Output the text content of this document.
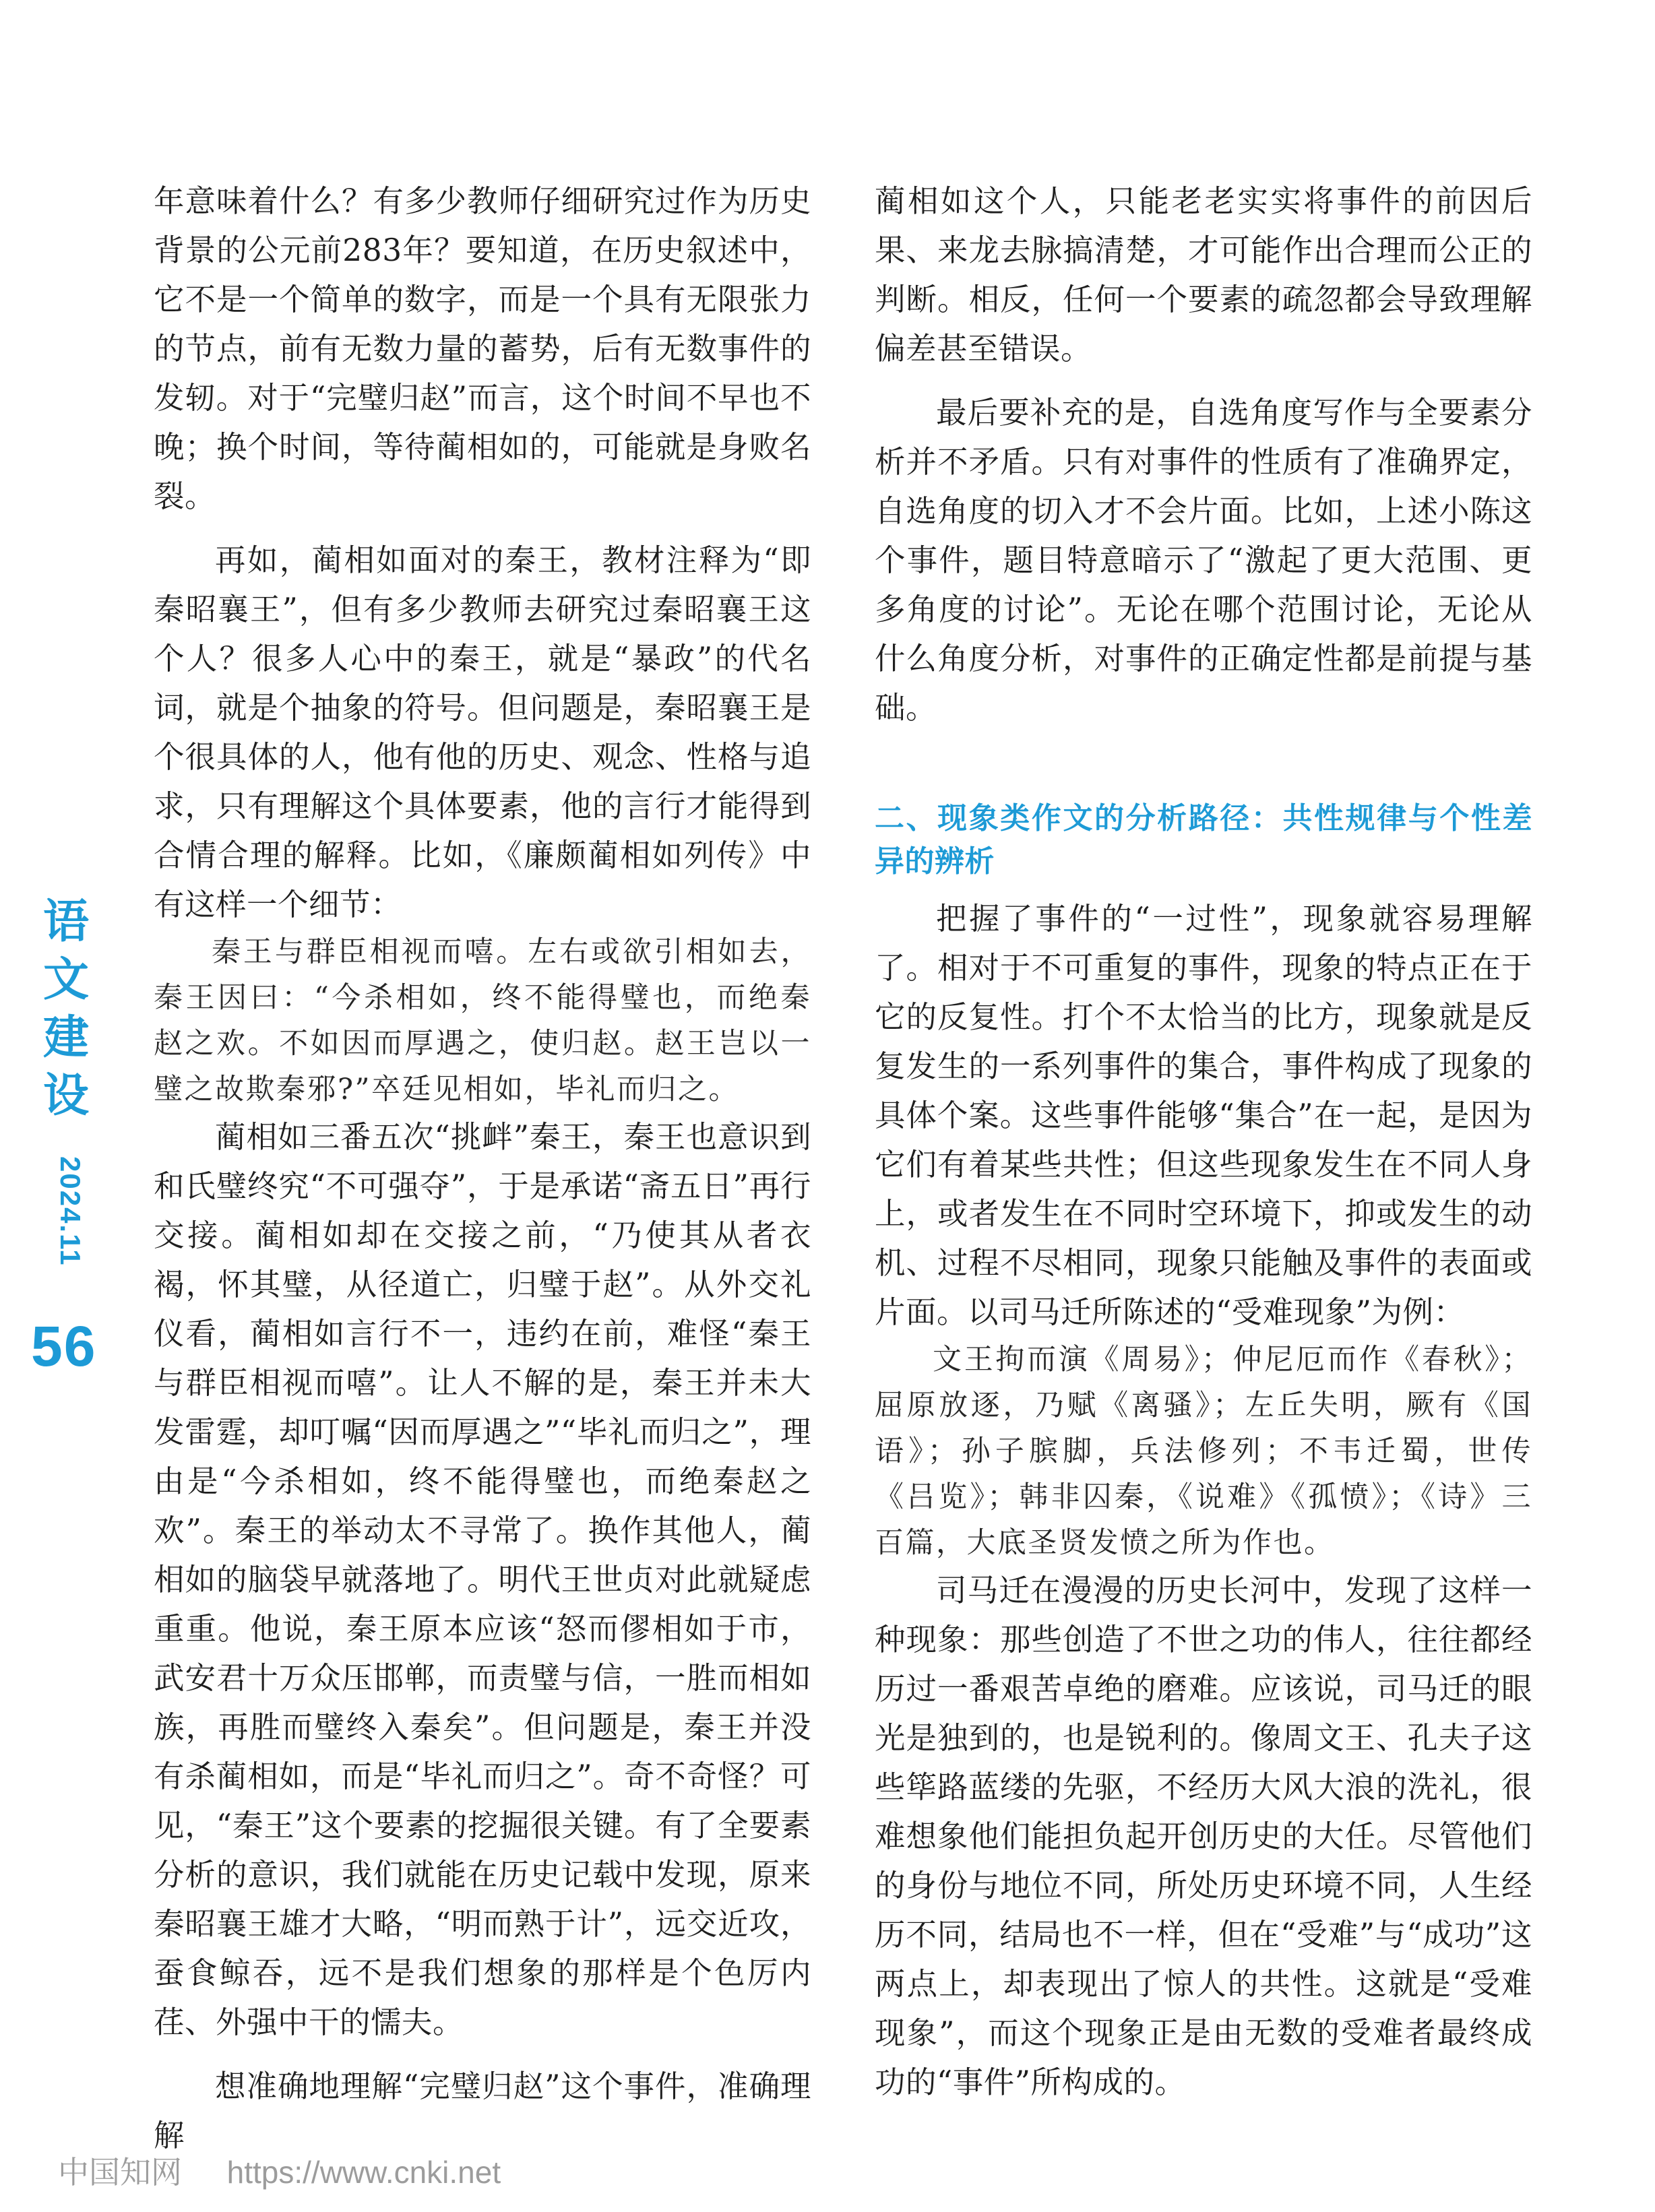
语
文
建
设
2024.11
56

年意味着什么？有多少教师仔细研究过作为历史背景的公元前283年？要知道，在历史叙述中，它不是一个简单的数字，而是一个具有无限张力的节点，前有无数力量的蓄势，后有无数事件的发轫。对于“完璧归赵”而言，这个时间不早也不晚；换个时间，等待蔺相如的，可能就是身败名裂。

再如，蔺相如面对的秦王，教材注释为“即秦昭襄王”，但有多少教师去研究过秦昭襄王这个人？很多人心中的秦王，就是“暴政”的代名词，就是个抽象的符号。但问题是，秦昭襄王是个很具体的人，他有他的历史、观念、性格与追求，只有理解这个具体要素，他的言行才能得到合情合理的解释。比如，《廉颇蔺相如列传》中有这样一个细节：

秦王与群臣相视而嘻。左右或欲引相如去，秦王因曰：“今杀相如，终不能得璧也，而绝秦赵之欢。不如因而厚遇之，使归赵。赵王岂以一璧之故欺秦邪?”卒廷见相如，毕礼而归之。

蔺相如三番五次“挑衅”秦王，秦王也意识到和氏璧终究“不可强夺”，于是承诺“斋五日”再行交接。蔺相如却在交接之前，“乃使其从者衣褐，怀其璧，从径道亡，归璧于赵”。从外交礼仪看，蔺相如言行不一，违约在前，难怪“秦王与群臣相视而嘻”。让人不解的是，秦王并未大发雷霆，却叮嘱“因而厚遇之”“毕礼而归之”，理由是“今杀相如，终不能得璧也，而绝秦赵之欢”。秦王的举动太不寻常了。换作其他人，蔺相如的脑袋早就落地了。明代王世贞对此就疑虑重重。他说，秦王原本应该“怒而僇相如于市，武安君十万众压邯郸，而责璧与信，一胜而相如族，再胜而璧终入秦矣”。但问题是，秦王并没有杀蔺相如，而是“毕礼而归之”。奇不奇怪？可见，“秦王”这个要素的挖掘很关键。有了全要素分析的意识，我们就能在历史记载中发现，原来秦昭襄王雄才大略，“明而熟于计”，远交近攻，蚕食鲸吞，远不是我们想象的那样是个色厉内荏、外强中干的懦夫。

想准确地理解“完璧归赵”这个事件，准确理解

蔺相如这个人，只能老老实实将事件的前因后果、来龙去脉搞清楚，才可能作出合理而公正的判断。相反，任何一个要素的疏忽都会导致理解偏差甚至错误。

最后要补充的是，自选角度写作与全要素分析并不矛盾。只有对事件的性质有了准确界定，自选角度的切入才不会片面。比如，上述小陈这个事件，题目特意暗示了“激起了更大范围、更多角度的讨论”。无论在哪个范围讨论，无论从什么角度分析，对事件的正确定性都是前提与基础。

二、现象类作文的分析路径：共性规律与个性差异的辨析

把握了事件的“一过性”，现象就容易理解了。相对于不可重复的事件，现象的特点正在于它的反复性。打个不太恰当的比方，现象就是反复发生的一系列事件的集合，事件构成了现象的具体个案。这些事件能够“集合”在一起，是因为它们有着某些共性；但这些现象发生在不同人身上，或者发生在不同时空环境下，抑或发生的动机、过程不尽相同，现象只能触及事件的表面或片面。以司马迁所陈述的“受难现象”为例：

文王拘而演《周易》；仲尼厄而作《春秋》；屈原放逐，乃赋《离骚》；左丘失明，厥有《国语》；孙子膑脚，兵法修列；不韦迁蜀，世传《吕览》；韩非囚秦，《说难》《孤愤》；《诗》三百篇，大底圣贤发愤之所为作也。

司马迁在漫漫的历史长河中，发现了这样一种现象：那些创造了不世之功的伟人，往往都经历过一番艰苦卓绝的磨难。应该说，司马迁的眼光是独到的，也是锐利的。像周文王、孔夫子这些筚路蓝缕的先驱，不经历大风大浪的洗礼，很难想象他们能担负起开创历史的大任。尽管他们的身份与地位不同，所处历史环境不同，人生经历不同，结局也不一样，但在“受难”与“成功”这两点上，却表现出了惊人的共性。这就是“受难现象”，而这个现象正是由无数的受难者最终成功的“事件”所构成的。

中国知网 https://www.cnki.net
